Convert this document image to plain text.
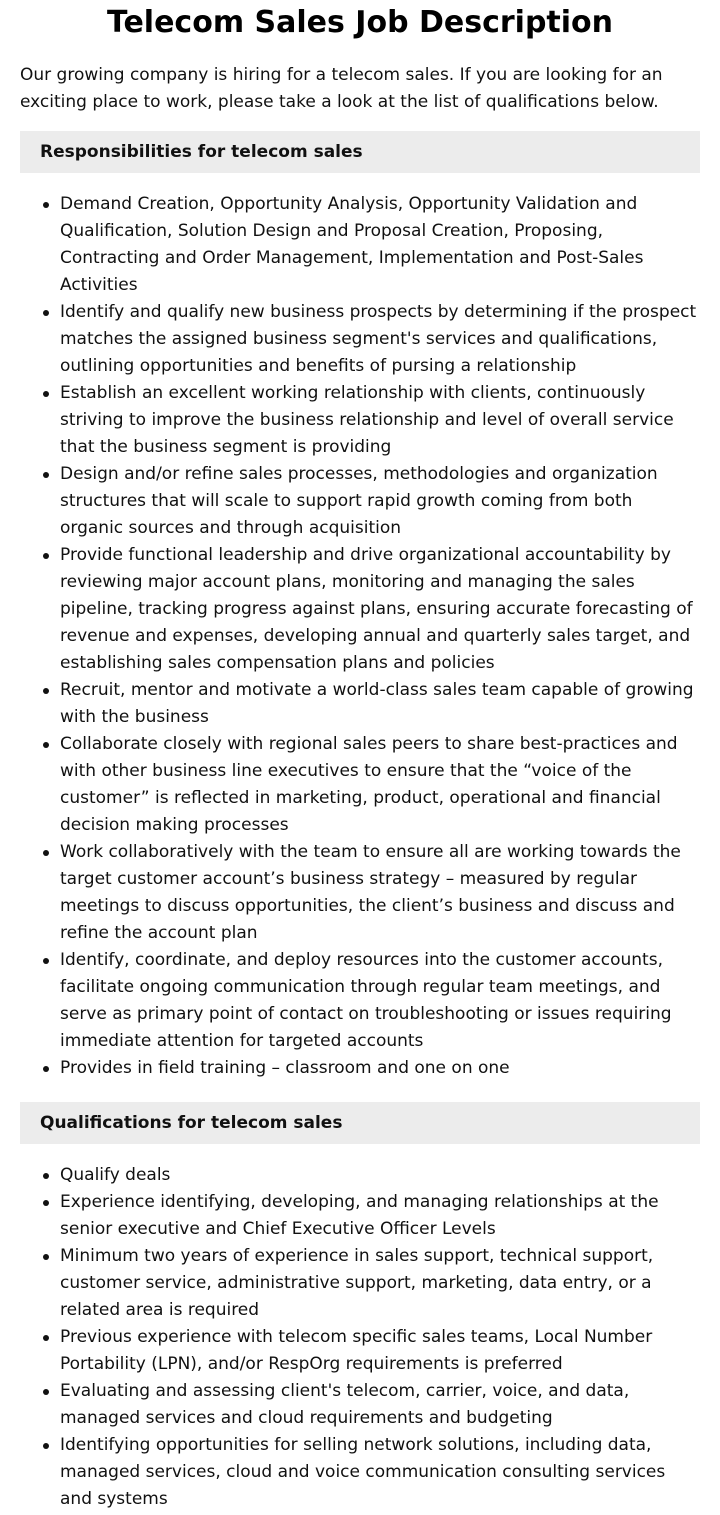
Telecom Sales Job Description

Our growing company is hiring for a telecom sales. If you are looking for an exciting place to work, please take a look at the list of qualifications below.

Responsibilities for telecom sales
Demand Creation, Opportunity Analysis, Opportunity Validation and Qualification, Solution Design and Proposal Creation, Proposing, Contracting and Order Management, Implementation and Post-Sales Activities
Identify and qualify new business prospects by determining if the prospect matches the assigned business segment's services and qualifications, outlining opportunities and benefits of pursing a relationship
Establish an excellent working relationship with clients, continuously striving to improve the business relationship and level of overall service that the business segment is providing
Design and/or refine sales processes, methodologies and organization structures that will scale to support rapid growth coming from both organic sources and through acquisition
Provide functional leadership and drive organizational accountability by reviewing major account plans, monitoring and managing the sales pipeline, tracking progress against plans, ensuring accurate forecasting of revenue and expenses, developing annual and quarterly sales target, and establishing sales compensation plans and policies
Recruit, mentor and motivate a world-class sales team capable of growing with the business
Collaborate closely with regional sales peers to share best-practices and with other business line executives to ensure that the “voice of the customer” is reflected in marketing, product, operational and financial decision making processes
Work collaboratively with the team to ensure all are working towards the target customer account’s business strategy – measured by regular meetings to discuss opportunities, the client’s business and discuss and refine the account plan
Identify, coordinate, and deploy resources into the customer accounts, facilitate ongoing communication through regular team meetings, and serve as primary point of contact on troubleshooting or issues requiring immediate attention for targeted accounts
Provides in field training – classroom and one on one
Qualifications for telecom sales
Qualify deals
Experience identifying, developing, and managing relationships at the senior executive and Chief Executive Officer Levels
Minimum two years of experience in sales support, technical support, customer service, administrative support, marketing, data entry, or a related area is required
Previous experience with telecom specific sales teams, Local Number Portability (LPN), and/or RespOrg requirements is preferred
Evaluating and assessing client's telecom, carrier, voice, and data, managed services and cloud requirements and budgeting
Identifying opportunities for selling network solutions, including data, managed services, cloud and voice communication consulting services and systems
